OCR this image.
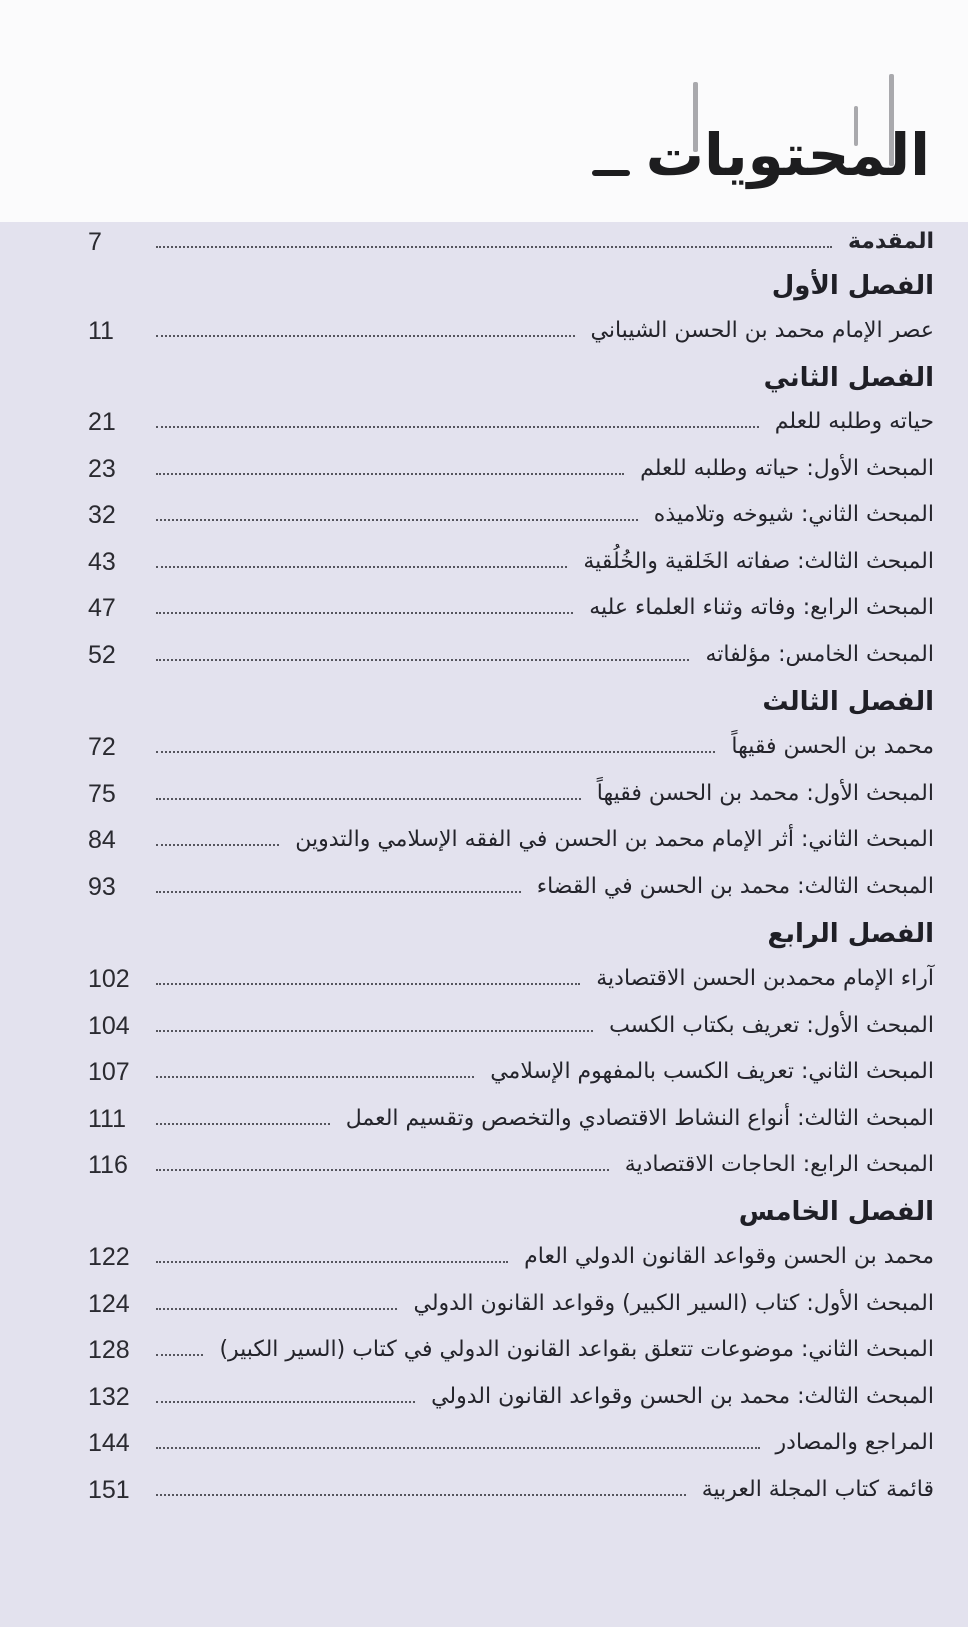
المحتويات
المقدمة
7
الفصل الأول
عصر الإمام محمد بن الحسن الشيباني
11
الفصل الثاني
حياته وطلبه للعلم
21
المبحث الأول: حياته وطلبه للعلم
23
المبحث الثاني: شيوخه وتلاميذه
32
المبحث الثالث: صفاته الخَلقية والخُلُقية
43
المبحث الرابع: وفاته وثناء العلماء عليه
47
المبحث الخامس: مؤلفاته
52
الفصل الثالث
محمد بن الحسن فقيهاً
72
المبحث الأول: محمد بن الحسن فقيهاً
75
المبحث الثاني: أثر الإمام محمد بن الحسن في الفقه الإسلامي والتدوين
84
المبحث الثالث: محمد بن الحسن في القضاء
93
الفصل الرابع
آراء الإمام محمدبن الحسن الاقتصادية
102
المبحث الأول: تعريف بكتاب الكسب
104
المبحث الثاني: تعريف الكسب بالمفهوم الإسلامي
107
المبحث الثالث: أنواع النشاط الاقتصادي والتخصص وتقسيم العمل
111
المبحث الرابع: الحاجات الاقتصادية
116
الفصل الخامس
محمد بن الحسن وقواعد القانون الدولي العام
122
المبحث الأول: كتاب (السير الكبير) وقواعد القانون الدولي
124
المبحث الثاني: موضوعات تتعلق بقواعد القانون الدولي في كتاب (السير الكبير)
128
المبحث الثالث: محمد بن الحسن وقواعد القانون الدولي
132
المراجع والمصادر
144
قائمة كتاب المجلة العربية
151
